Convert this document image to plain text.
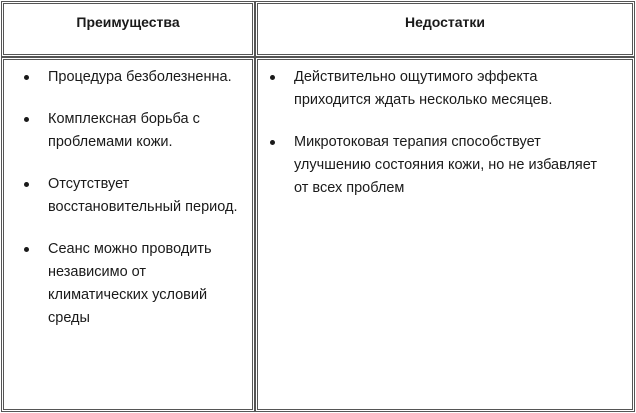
Преимущества	Недостатки
Процедура безболезненна.
Комплексная борьба с проблемами кожи.
Отсутствует восстановительный период.
Сеанс можно проводить независимо от климатических условий среды
Действительно ощутимого эффекта приходится ждать несколько месяцев.
Микротоковая терапия способствует улучшению состояния кожи, но не избавляет от всех проблем
